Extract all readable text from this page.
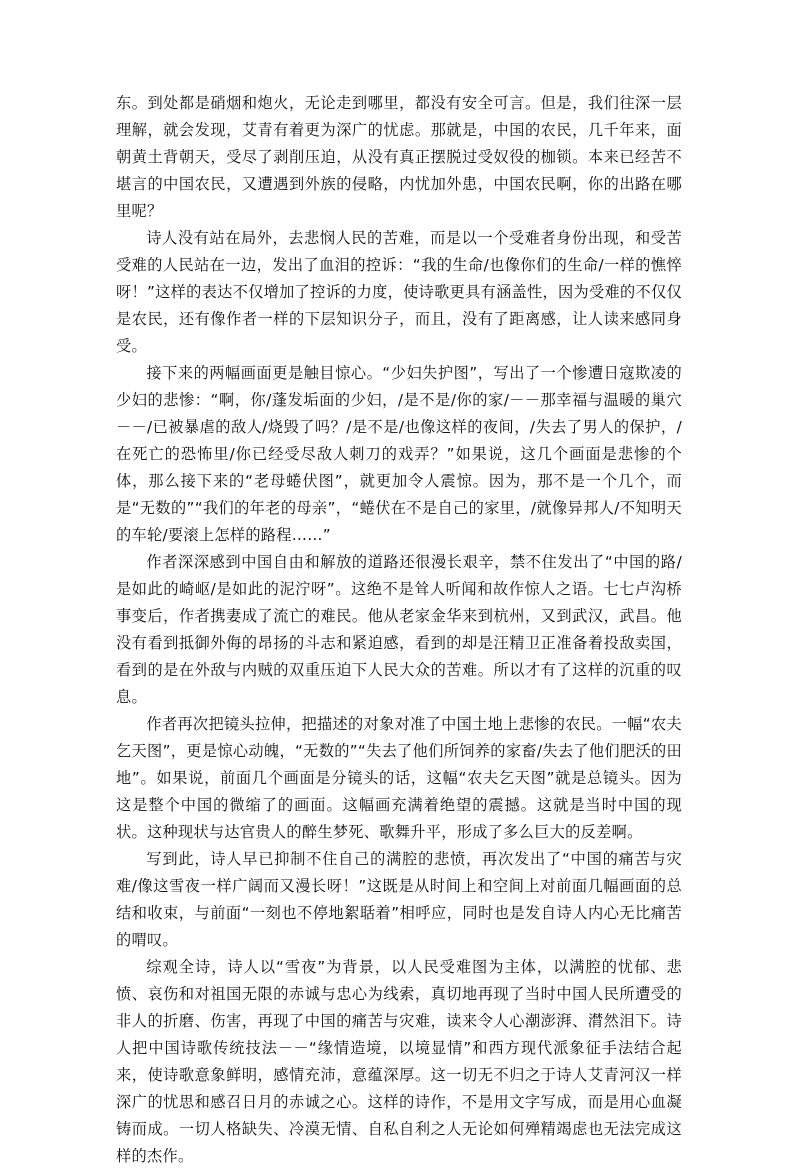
东。到处都是硝烟和炮火，无论走到哪里，都没有安全可言。但是，我们往深一层理解，就会发现，艾青有着更为深广的忧虑。那就是，中国的农民，几千年来，面朝黄土背朝天，受尽了剥削压迫，从没有真正摆脱过受奴役的枷锁。本来已经苦不堪言的中国农民，又遭遇到外族的侵略，内忧加外患，中国农民啊，你的出路在哪里呢？

诗人没有站在局外，去悲悯人民的苦难，而是以一个受难者身份出现，和受苦受难的人民站在一边，发出了血泪的控诉：“我的生命/也像你们的生命/一样的憔悴呀！”这样的表达不仅增加了控诉的力度，使诗歌更具有涵盖性，因为受难的不仅仅是农民，还有像作者一样的下层知识分子，而且，没有了距离感，让人读来感同身受。

接下来的两幅画面更是触目惊心。“少妇失护图”，写出了一个惨遭日寇欺凌的少妇的悲惨：“啊，你/蓬发垢面的少妇，/是不是/你的家/－－那幸福与温暖的巢穴－－/已被暴虐的敌人/烧毁了吗？/是不是/也像这样的夜间，/失去了男人的保护，/在死亡的恐怖里/你已经受尽敌人刺刀的戏弄？”如果说，这几个画面是悲惨的个体，那么接下来的“老母蜷伏图”，就更加令人震惊。因为，那不是一个几个，而是“无数的”“我们的年老的母亲”，“蜷伏在不是自己的家里，/就像异邦人/不知明天的车轮/要滚上怎样的路程……”

作者深深感到中国自由和解放的道路还很漫长艰辛，禁不住发出了“中国的路/是如此的崎岖/是如此的泥泞呀”。这绝不是耸人听闻和故作惊人之语。七七卢沟桥事变后，作者携妻成了流亡的难民。他从老家金华来到杭州，又到武汉，武昌。他没有看到抵御外侮的昂扬的斗志和紧迫感，看到的却是汪精卫正准备着投敌卖国，看到的是在外敌与内贼的双重压迫下人民大众的苦难。所以才有了这样的沉重的叹息。

作者再次把镜头拉伸，把描述的对象对准了中国土地上悲惨的农民。一幅“农夫乞天图”，更是惊心动魄，“无数的”“失去了他们所饲养的家畜/失去了他们肥沃的田地”。如果说，前面几个画面是分镜头的话，这幅“农夫乞天图”就是总镜头。因为这是整个中国的微缩了的画面。这幅画充满着绝望的震撼。这就是当时中国的现状。这种现状与达官贵人的醉生梦死、歌舞升平，形成了多么巨大的反差啊。

写到此，诗人早已抑制不住自己的满腔的悲愤，再次发出了“中国的痛苦与灾难/像这雪夜一样广阔而又漫长呀！”这既是从时间上和空间上对前面几幅画面的总结和收束，与前面“一刻也不停地絮聒着”相呼应，同时也是发自诗人内心无比痛苦的喟叹。

综观全诗，诗人以“雪夜”为背景，以人民受难图为主体，以满腔的忧郁、悲愤、哀伤和对祖国无限的赤诚与忠心为线索，真切地再现了当时中国人民所遭受的非人的折磨、伤害，再现了中国的痛苦与灾难，读来令人心潮澎湃、潸然泪下。诗人把中国诗歌传统技法－－“缘情造境，以境显情”和西方现代派象征手法结合起来，使诗歌意象鲜明，感情充沛，意蕴深厚。这一切无不归之于诗人艾青河汉一样深广的忧思和感召日月的赤诚之心。这样的诗作，不是用文字写成，而是用心血凝铸而成。一切人格缺失、冷漠无情、自私自利之人无论如何殚精竭虑也无法完成这样的杰作。
